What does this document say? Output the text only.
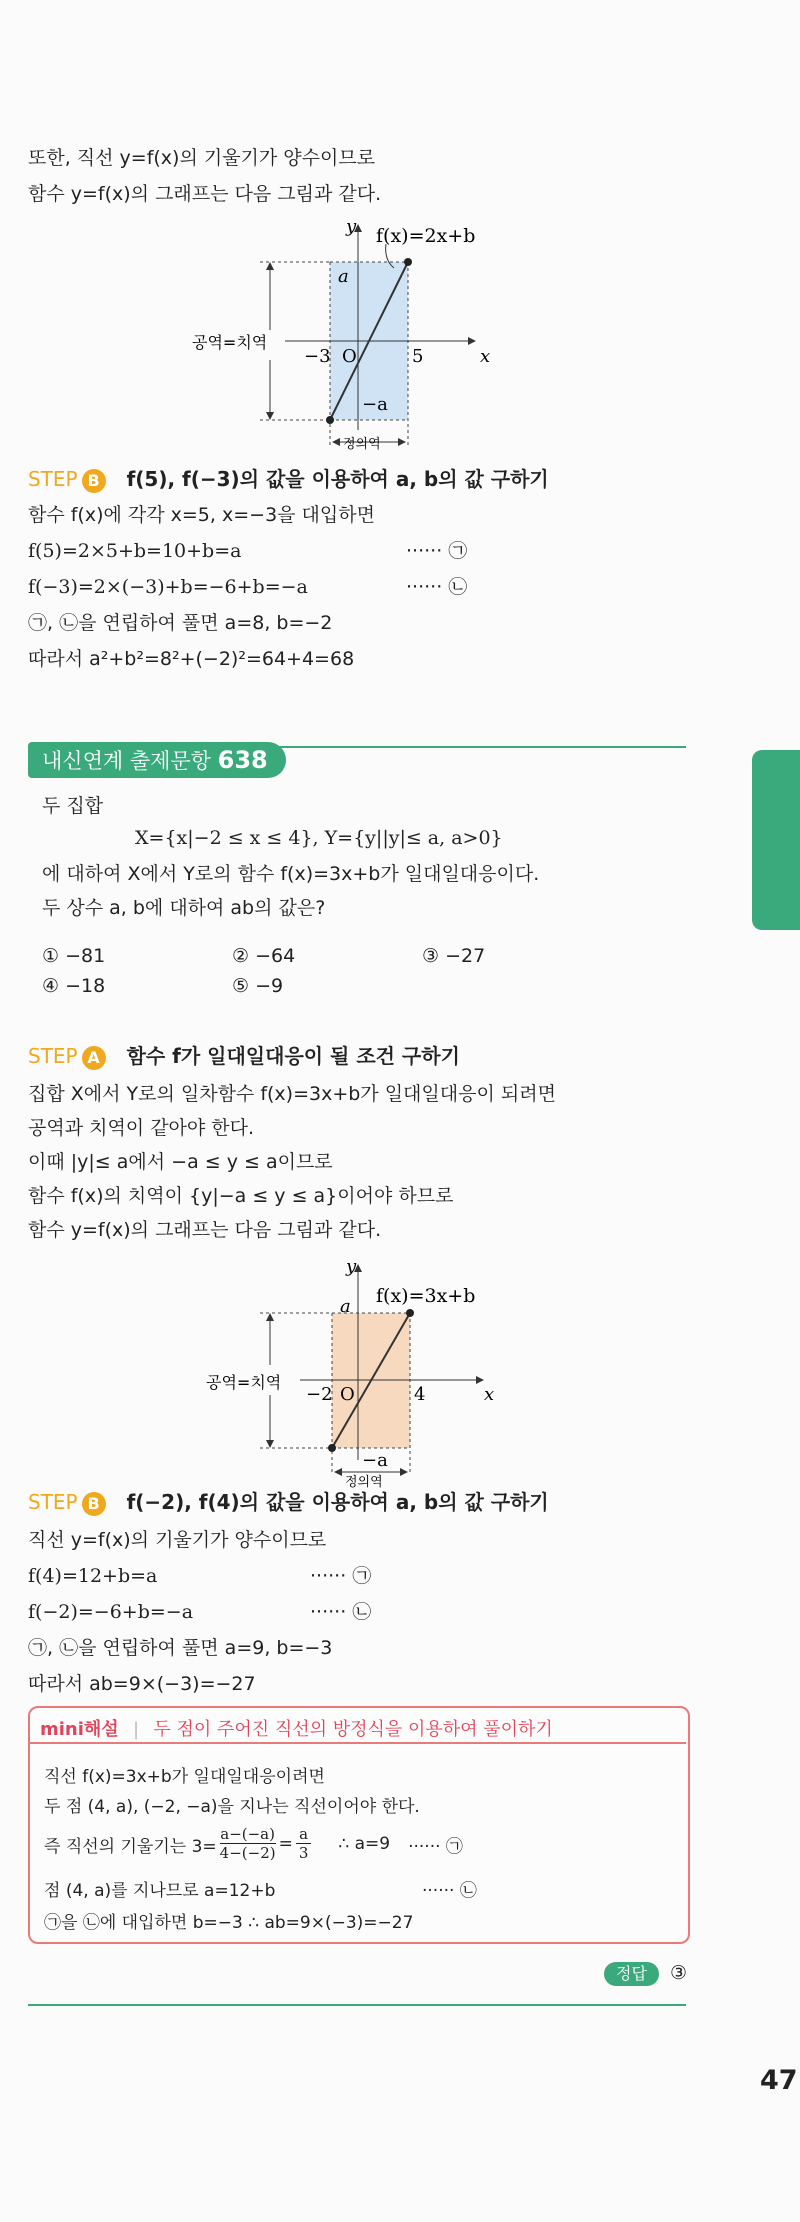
또한, 직선 y=f(x)의 기울기가 양수이므로
함수 y=f(x)의 그래프는 다음 그림과 같다.
y f(x)=2x+b
a
−3 O	5	x
−a
공역=치역
정의역
STEP B f(5), f(−3)의 값을 이용하여 a, b의 값 구하기
함수 f(x)에 각각 x=5, x=−3을 대입하면
f(5)=2×5+b=10+b=a	······ ㉠
f(−3)=2×(−3)+b=−6+b=−a	······ ㉡
㉠, ㉡을 연립하여 풀면 a=8, b=−2
따라서 a²+b²=8²+(−2)²=64+4=68
내신연계 출제문항 638
두 집합
X={x|−2 ≤ x ≤ 4}, Y={y||y|≤ a, a>0}
에 대하여 X에서 Y로의 함수 f(x)=3x+b가 일대일대응이다.
두 상수 a, b에 대하여 ab의 값은?
① −81	② −64	③ −27
④ −18	⑤ −9
STEP A 함수 f가 일대일대응이 될 조건 구하기
집합 X에서 Y로의 일차함수 f(x)=3x+b가 일대일대응이 되려면
공역과 치역이 같아야 한다.
이때 |y|≤ a에서 −a ≤ y ≤ a이므로
함수 f(x)의 치역이 {y|−a ≤ y ≤ a}이어야 하므로
함수 y=f(x)의 그래프는 다음 그림과 같다.
y
f(x)=3x+b
a
−2 O	4	x
−a
공역=치역
정의역
STEP B f(−2), f(4)의 값을 이용하여 a, b의 값 구하기
직선 y=f(x)의 기울기가 양수이므로
f(4)=12+b=a	······ ㉠
f(−2)=−6+b=−a	······ ㉡
㉠, ㉡을 연립하여 풀면 a=9, b=−3
따라서 ab=9×(−3)=−27
mini해설 | 두 점이 주어진 직선의 방정식을 이용하여 풀이하기
직선 f(x)=3x+b가 일대일대응이려면
두 점 (4, a), (−2, −a)을 지나는 직선이어야 한다.
즉 직선의 기울기는 $3= \frac{a-(-a)}{4-(-2)} = \frac{a}{3}$ ∴ a=9 ······ ㉠
점 (4, a)를 지나므로 a=12+b	······ ㉡
㉠을 ㉡에 대입하면 b=−3 ∴ ab=9×(−3)=−27
정답 ③
47
